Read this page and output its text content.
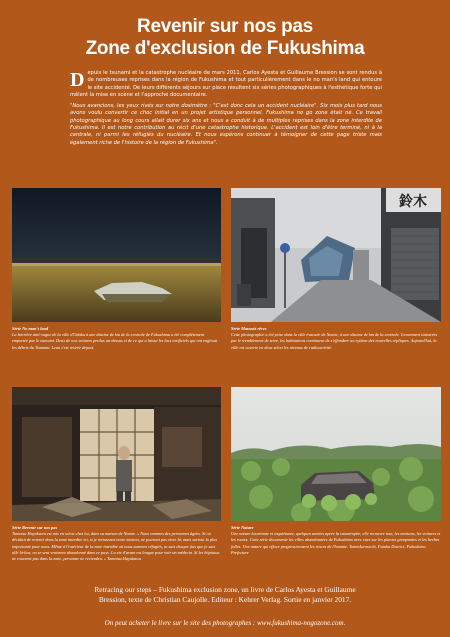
Revenir sur nos pas
Zone d'exclusion de Fukushima

Depuis le tsunami et la catastrophe nucléaire de mars 2011, Carlos Ayesta et Guillaume Bression se sont rendus à de nombreuses reprises dans la région de Fukushima et tout particulièrement dans le no man's land qui entoure le site accidenté. De leurs différents séjours sur place résultent six séries photographiques à l'esthétique forte qui mêlent la mise en scène et l'approche documentaire.

"Nous avancions, les yeux rivés sur notre dosimètre : "C'est donc cela un accident nucléaire". Six mois plus tard nous avons voulu convertir ce choc initial en un projet artistique personnel. Fukushima no go zone était né. Ce travail photographique au long cours allait durer six ans et nous a conduit à de multiples reprises dans la zone interdite de Fukushima. Il est notre contribution au récit d'une catastrophe historique. L'accident est loin d'être terminé, ni à la centrale, ni parmi les réfugiés du nucléaire. Et nous espérons continuer à témoigner de cette page triste mais également riche de l'histoire de la région de Fukushima".

鈴木

Série No man's land

La barrière anti-vague de la ville d'Odaka à une dizaine de km de la centrale de Fukushima a été complètement emportée par le tsunami. Deux de nos voitures perdus au-dessus et de ce qui a laissé les lacs artificiels qui ont englouti les débris du Tsunami. Leau s'est retirée depuis.

Série Mauvais rêves

Cette photographie a été prise dans la ville évacuée de Namie, à une dizaine de km de la centrale. Gravement sinistrées par le tremblement de terre, les habitations continuent de s'effondrer au rythme des nouvelles répliques. Aujourd'hui, la ville est ouverte en deux selon les niveaux de radioactivité.

Série Revenir sur nos pas

Tamotsu Hayakawa est mis en scène chez lui, dans sa maison de Namie. « Nous sommes des personnes âgées. Si on décidait de revenir dans la zone interdite ici, si je retrouvais notre maison, ne pouvant pas vivre là, mais surtout la plus importante pour nous. Même à l'extérieur de la zone interdite où nous sommes réfugiés, tu sais chaque fois que je suis allé là-bas, on se sent vraiment abandonné dans ce pays. La vie d'avant est longue pour voir un médecin. Si les hôpitaux ne rouvrent pas dans la zone, personne ne reviendra. » Tamotsu Hayakawa

Série Nature

Une nature luxuriante et inquiétante, quelques années après la catastrophe, elle recouvre tout, les maisons, les voitures et les routes. Cette série documente les villes abandonnées de Fukushima avec vues sur les plantes grimpantes et les herbes folles. Une nature qui efface progressivement les traces de l'homme. Tomioka-machi, Futaba District, Fukushima Prefecture

Retracing our steps – Fukushima exclusion zone, un livre de Carlos Ayesta et Guillaume
Bression, texte de Christian Caujolle. Editeur : Kehrer Verlag. Sortie en janvier 2017.
On peut acheter le livre sur le site des photographes : www.fukushima-nogozone.com.
